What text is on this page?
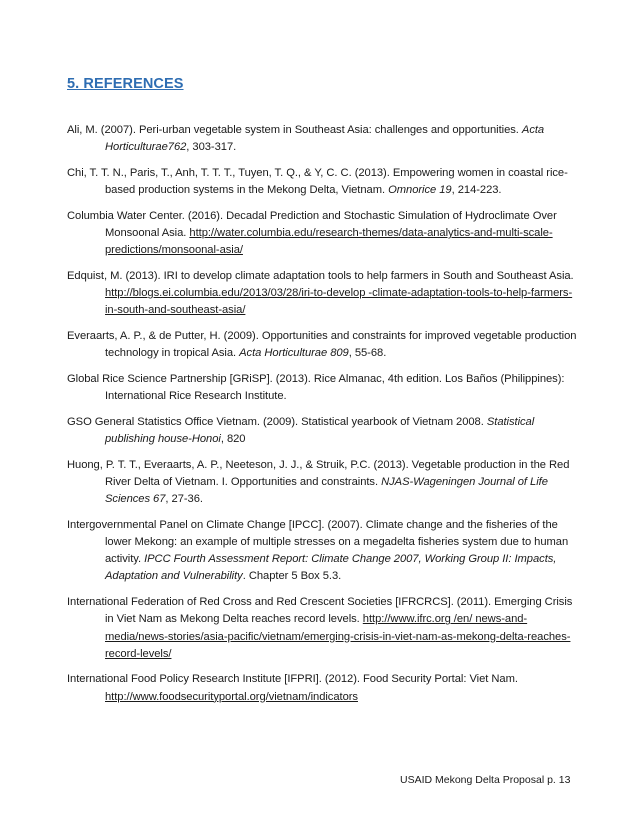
5. REFERENCES

Ali, M. (2007). Peri-urban vegetable system in Southeast Asia: challenges and opportunities. Acta Horticulturae762, 303-317.

Chi, T. T. N., Paris, T., Anh, T. T. T., Tuyen, T. Q., & Y, C. C. (2013). Empowering women in coastal rice-based production systems in the Mekong Delta, Vietnam. Omnorice 19, 214-223.

Columbia Water Center. (2016). Decadal Prediction and Stochastic Simulation of Hydroclimate Over Monsoonal Asia. http://water.columbia.edu/research-themes/data-analytics-and-multi-scale-predictions/monsoonal-asia/

Edquist, M. (2013). IRI to develop climate adaptation tools to help farmers in South and Southeast Asia. http://blogs.ei.columbia.edu/2013/03/28/iri-to-develop -climate-adaptation-tools-to-help-farmers-in-south-and-southeast-asia/

Everaarts, A. P., & de Putter, H. (2009). Opportunities and constraints for improved vegetable production technology in tropical Asia. Acta Horticulturae 809, 55-68.

Global Rice Science Partnership [GRiSP]. (2013). Rice Almanac, 4th edition. Los Baños (Philippines): International Rice Research Institute.

GSO General Statistics Office Vietnam. (2009). Statistical yearbook of Vietnam 2008. Statistical publishing house-Honoi, 820

Huong, P. T. T., Everaarts, A. P., Neeteson, J. J., & Struik, P.C. (2013). Vegetable production in the Red River Delta of Vietnam. I. Opportunities and constraints. NJAS-Wageningen Journal of Life Sciences 67, 27-36.

Intergovernmental Panel on Climate Change [IPCC]. (2007). Climate change and the fisheries of the lower Mekong: an example of multiple stresses on a megadelta fisheries system due to human activity. IPCC Fourth Assessment Report: Climate Change 2007, Working Group II: Impacts, Adaptation and Vulnerability. Chapter 5 Box 5.3.

International Federation of Red Cross and Red Crescent Societies [IFRCRCS]. (2011). Emerging Crisis in Viet Nam as Mekong Delta reaches record levels. http://www.ifrc.org /en/ news-and-media/news-stories/asia-pacific/vietnam/emerging-crisis-in-viet-nam-as-mekong-delta-reaches-record-levels/

International Food Policy Research Institute [IFPRI]. (2012). Food Security Portal: Viet Nam. http://www.foodsecurityportal.org/vietnam/indicators

USAID Mekong Delta Proposal p. 13
